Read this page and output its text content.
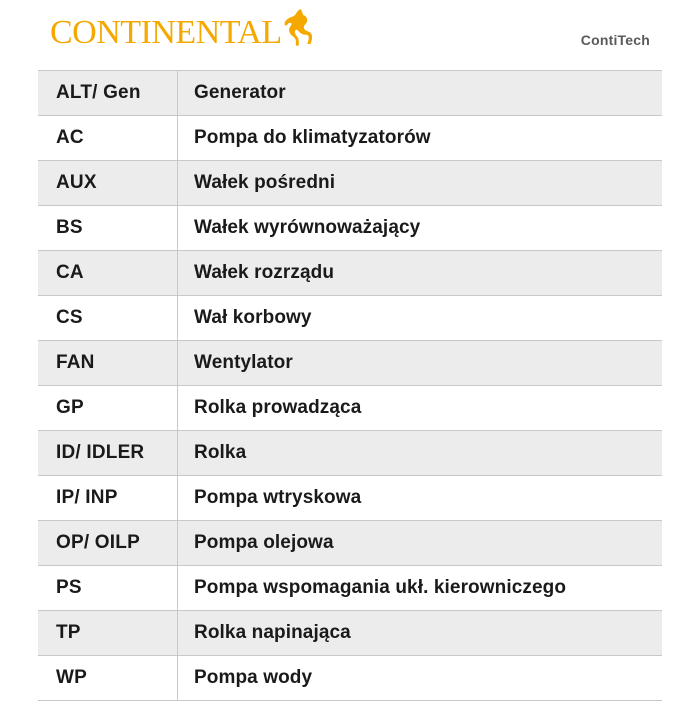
CONTINENTAL	ContiTech
ALT/ Gen	Generator
AC	Pompa do klimatyzatorów
AUX	Wałek pośredni
BS	Wałek wyrównoważający
CA	Wałek rozrządu
CS	Wał korbowy
FAN	Wentylator
GP	Rolka prowadząca
ID/ IDLER	Rolka
IP/ INP	Pompa wtryskowa
OP/ OILP	Pompa olejowa
PS	Pompa wspomagania ukł. kierowniczego
TP	Rolka napinająca
WP	Pompa wody
